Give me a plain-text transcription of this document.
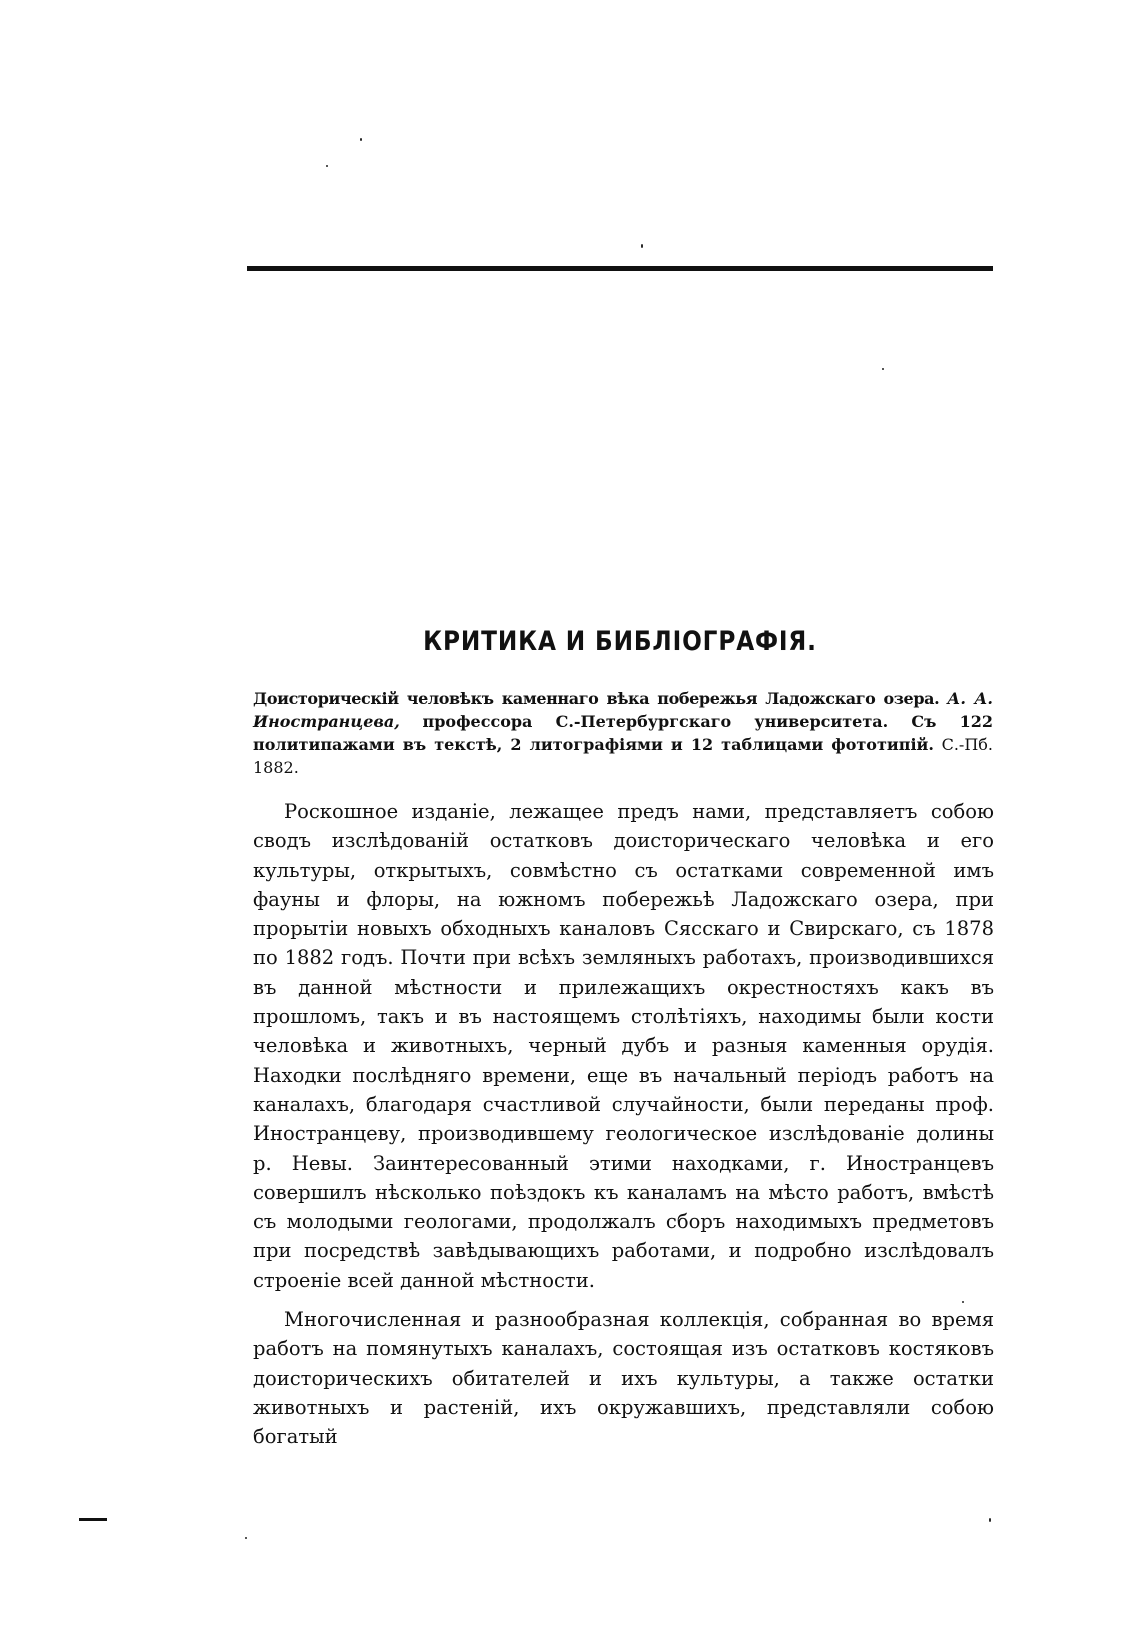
КРИТИКА И БИБЛIОГРАФIЯ.
Доисторическiй человѣкъ каменнаго вѣка побережья Ладожскаго озера. А. А. Иностранцева, профессора С.-Петербургскаго университета. Съ 122 политипажами въ текстѣ, 2 литографiями и 12 таблицами фототипiй. С.-Пб. 1882.

Роскошное изданiе, лежащее предъ нами, представляетъ собою сводъ изслѣдованiй остатковъ доисторическаго человѣка и его культуры, открытыхъ, совмѣстно съ остатками современной имъ фауны и флоры, на южномъ побережьѣ Ладожскаго озера, при прорытiи новыхъ обходныхъ каналовъ Сясскаго и Свирскаго, съ 1878 по 1882 годъ. Почти при всѣхъ земляныхъ работахъ, производившихся въ данной мѣстности и прилежащихъ окрестностяхъ какъ въ прошломъ, такъ и въ настоящемъ столѣтiяхъ, находимы были кости человѣка и животныхъ, черный дубъ и разныя каменныя орудiя. Находки послѣдняго времени, еще въ начальный перiодъ работъ на каналахъ, благодаря счастливой случайности, были переданы проф. Иностранцеву, производившему геологическое изслѣдованiе долины р. Невы. Заинтересованный этими находками, г. Иностранцевъ совершилъ нѣсколько поѣздокъ къ каналамъ на мѣсто работъ, вмѣстѣ съ молодыми геологами, продолжалъ сборъ находимыхъ предметовъ при посредствѣ завѣдывающихъ работами, и подробно изслѣдовалъ строенiе всей данной мѣстности.

Многочисленная и разнообразная коллекцiя, собранная во время работъ на помянутыхъ каналахъ, состоящая изъ остатковъ костяковъ доисторическихъ обитателей и ихъ культуры, а также остатки животныхъ и растенiй, ихъ окружавшихъ, представляли собою богатый
